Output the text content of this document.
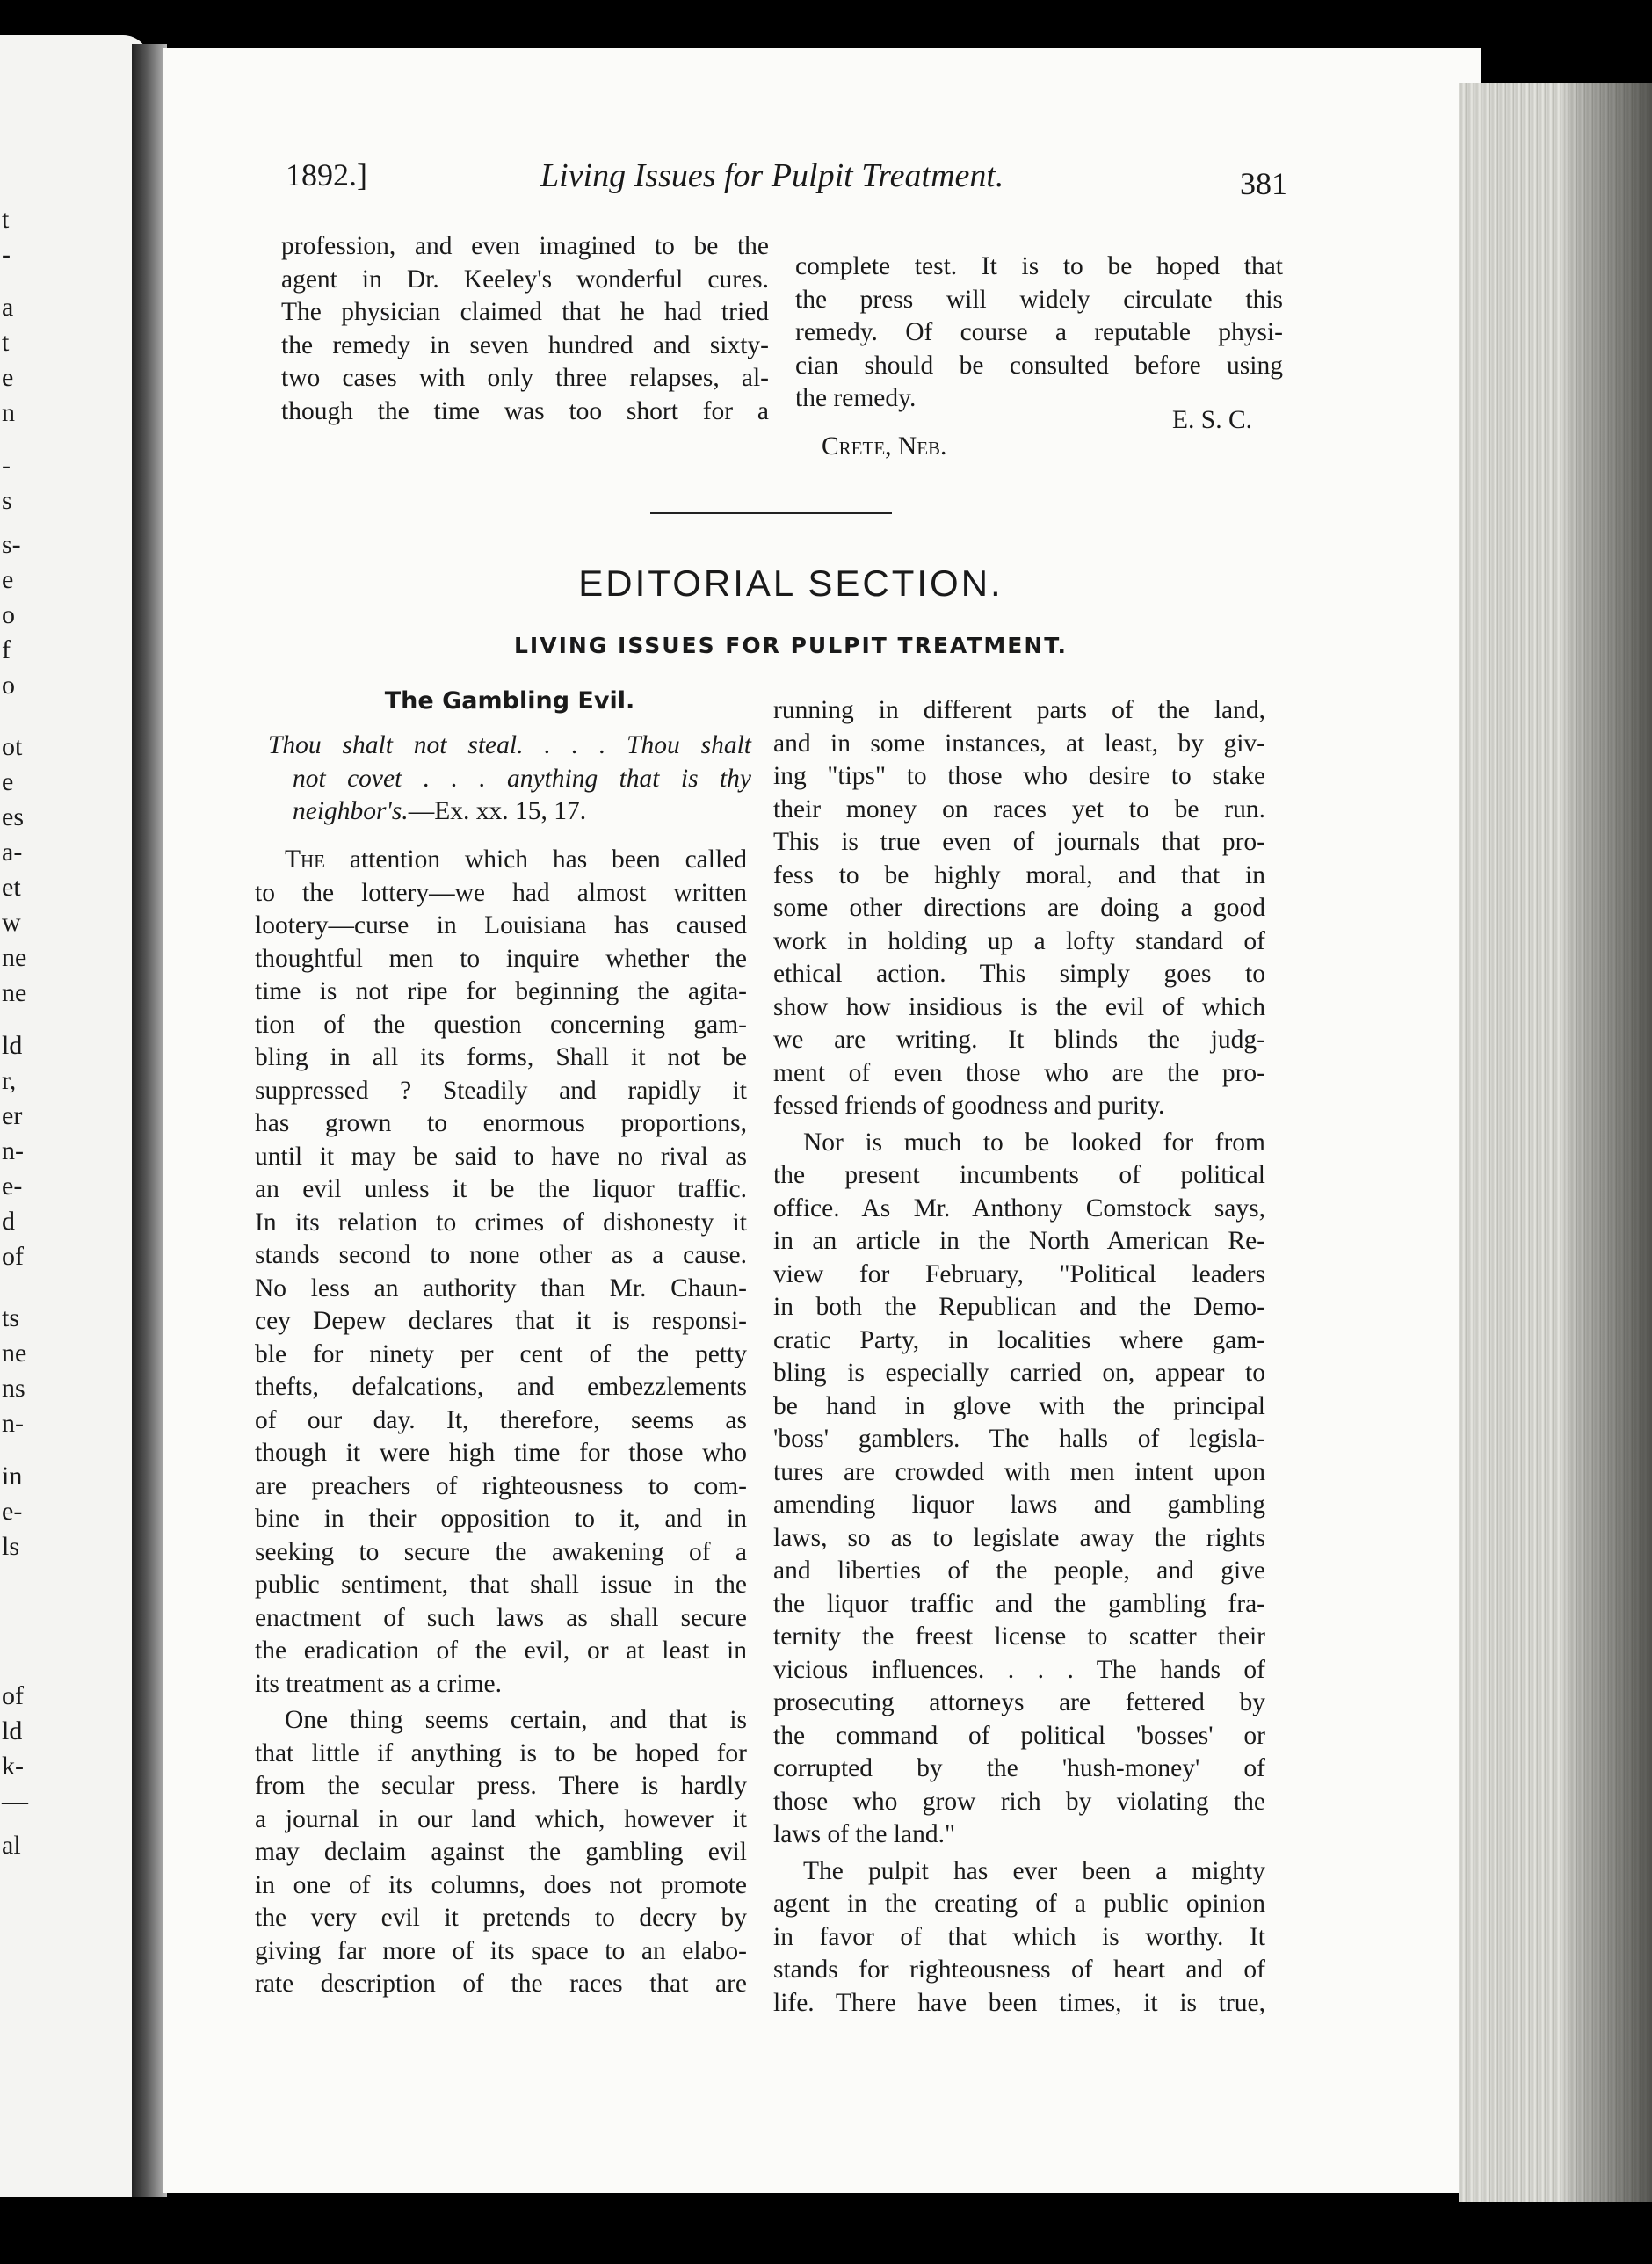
t
-
a
t
e
n
-
s
s-
e
o
f
o
ot
e
es
a-
et
w
ne
ne
ld
r,
er
n-
e-
d
of
ts
ne
ns
n-
in
e-
ls
of
ld
k-
—
al
1892.]	Living Issues for Pulpit Treatment.	381
profession, and even imagined to be the
agent in Dr. Keeley's wonderful cures.
The physician claimed that he had tried
the remedy in seven hundred and sixty-
two cases with only three relapses, al-
though the time was too short for a
complete test. It is to be hoped that
the press will widely circulate this
remedy. Of course a reputable physi-
cian should be consulted before using
the remedy.
Crete, Neb.
E. S. C.
EDITORIAL SECTION.
LIVING ISSUES FOR PULPIT TREATMENT.
The Gambling Evil.
Thou shalt not steal. . . . Thou shalt
not covet . . . anything that is thy
neighbor's.—Ex. xx. 15, 17.

The attention which has been called
to the lottery—we had almost written
lootery—curse in Louisiana has caused
thoughtful men to inquire whether the
time is not ripe for beginning the agita-
tion of the question concerning gam-
bling in all its forms, Shall it not be
suppressed ? Steadily and rapidly it
has grown to enormous proportions,
until it may be said to have no rival as
an evil unless it be the liquor traffic.
In its relation to crimes of dishonesty it
stands second to none other as a cause.
No less an authority than Mr. Chaun-
cey Depew declares that it is responsi-
ble for ninety per cent of the petty
thefts, defalcations, and embezzlements
of our day. It, therefore, seems as
though it were high time for those who
are preachers of righteousness to com-
bine in their opposition to it, and in
seeking to secure the awakening of a
public sentiment, that shall issue in the
enactment of such laws as shall secure
the eradication of the evil, or at least in
its treatment as a crime.

One thing seems certain, and that is
that little if anything is to be hoped for
from the secular press. There is hardly
a journal in our land which, however it
may declaim against the gambling evil
in one of its columns, does not promote
the very evil it pretends to decry by
giving far more of its space to an elabo-
rate description of the races that are

running in different parts of the land,
and in some instances, at least, by giv-
ing "tips" to those who desire to stake
their money on races yet to be run.
This is true even of journals that pro-
fess to be highly moral, and that in
some other directions are doing a good
work in holding up a lofty standard of
ethical action. This simply goes to
show how insidious is the evil of which
we are writing. It blinds the judg-
ment of even those who are the pro-
fessed friends of goodness and purity.

Nor is much to be looked for from
the present incumbents of political
office. As Mr. Anthony Comstock says,
in an article in the North American Re-
view for February, "Political leaders
in both the Republican and the Demo-
cratic Party, in localities where gam-
bling is especially carried on, appear to
be hand in glove with the principal
'boss' gamblers. The halls of legisla-
tures are crowded with men intent upon
amending liquor laws and gambling
laws, so as to legislate away the rights
and liberties of the people, and give
the liquor traffic and the gambling fra-
ternity the freest license to scatter their
vicious influences. . . . The hands of
prosecuting attorneys are fettered by
the command of political 'bosses' or
corrupted by the 'hush-money' of
those who grow rich by violating the
laws of the land."

The pulpit has ever been a mighty
agent in the creating of a public opinion
in favor of that which is worthy. It
stands for righteousness of heart and of
life. There have been times, it is true,
